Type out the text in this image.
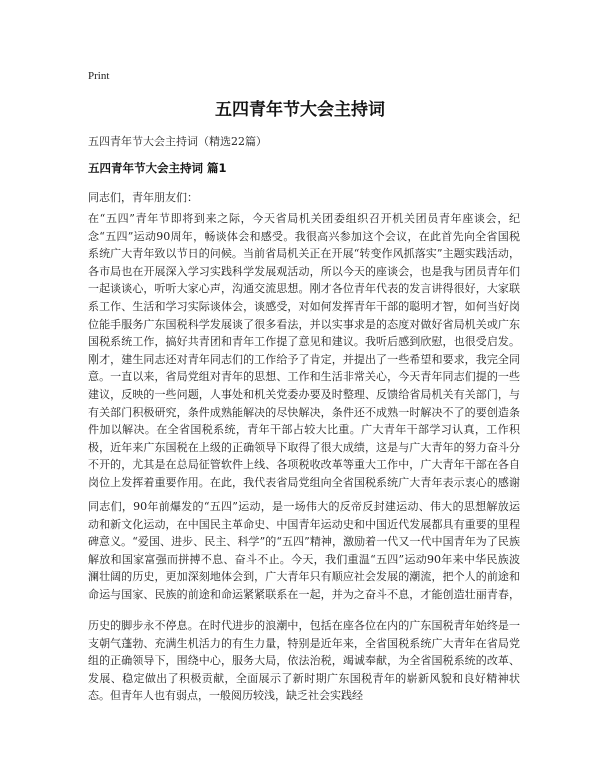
Print
五四青年节大会主持词
五四青年节大会主持词（精选22篇）
五四青年节大会主持词 篇1
同志们，青年朋友们：

在“五四”青年节即将到来之际，今天省局机关团委组织召开机关团员青年座谈会，纪念“五四”运动90周年，畅谈体会和感受。我很高兴参加这个会议，在此首先向全省国税系统广大青年致以节日的问候。当前省局机关正在开展“转变作风抓落实”主题实践活动，各市局也在开展深入学习实践科学发展观活动，所以今天的座谈会，也是我与团员青年们一起谈谈心，听听大家心声，沟通交流思想。刚才各位青年代表的发言讲得很好，大家联系工作、生活和学习实际谈体会，谈感受，对如何发挥青年干部的聪明才智，如何当好岗位能手服务广东国税科学发展谈了很多看法，并以实事求是的态度对做好省局机关或广东国税系统工作，搞好共青团和青年工作提了意见和建议。我听后感到欣慰，也很受启发。刚才，建生同志还对青年同志们的工作给予了肯定，并提出了一些希望和要求，我完全同意。一直以来，省局党组对青年的思想、工作和生活非常关心，今天青年同志们提的一些建议，反映的一些问题，人事处和机关党委办要及时整理、反馈给省局机关有关部门，与有关部门积极研究，条件成熟能解决的尽快解决，条件还不成熟一时解决不了的要创造条件加以解决。在全省国税系统，青年干部占较大比重。广大青年干部学习认真，工作积极，近年来广东国税在上级的正确领导下取得了很大成绩，这是与广大青年的努力奋斗分不开的，尤其是在总局征管软件上线、各项税收改革等重大工作中，广大青年干部在各自岗位上发挥着重要作用。在此，我代表省局党组向全省国税系统广大青年表示衷心的感谢

同志们，90年前爆发的“五四”运动，是一场伟大的反帝反封建运动、伟大的思想解放运动和新文化运动，在中国民主革命史、中国青年运动史和中国近代发展都具有重要的里程碑意义。“爱国、进步、民主、科学”的“五四”精神，激励着一代又一代中国青年为了民族解放和国家富强而拼搏不息、奋斗不止。今天，我们重温“五四”运动90年来中华民族波澜壮阔的历史，更加深刻地体会到，广大青年只有顺应社会发展的潮流，把个人的前途和命运与国家、民族的前途和命运紧紧联系在一起，并为之奋斗不息，才能创造壮丽青春，

历史的脚步永不停息。在时代进步的浪潮中，包括在座各位在内的广东国税青年始终是一支朝气蓬勃、充满生机活力的有生力量，特别是近年来，全省国税系统广大青年在省局党组的正确领导下，围绕中心，服务大局，依法治税，竭诚奉献，为全省国税系统的改革、发展、稳定做出了积极贡献，全面展示了新时期广东国税青年的崭新风貌和良好精神状态。但青年人也有弱点，一般阅历较浅，缺乏社会实践经
